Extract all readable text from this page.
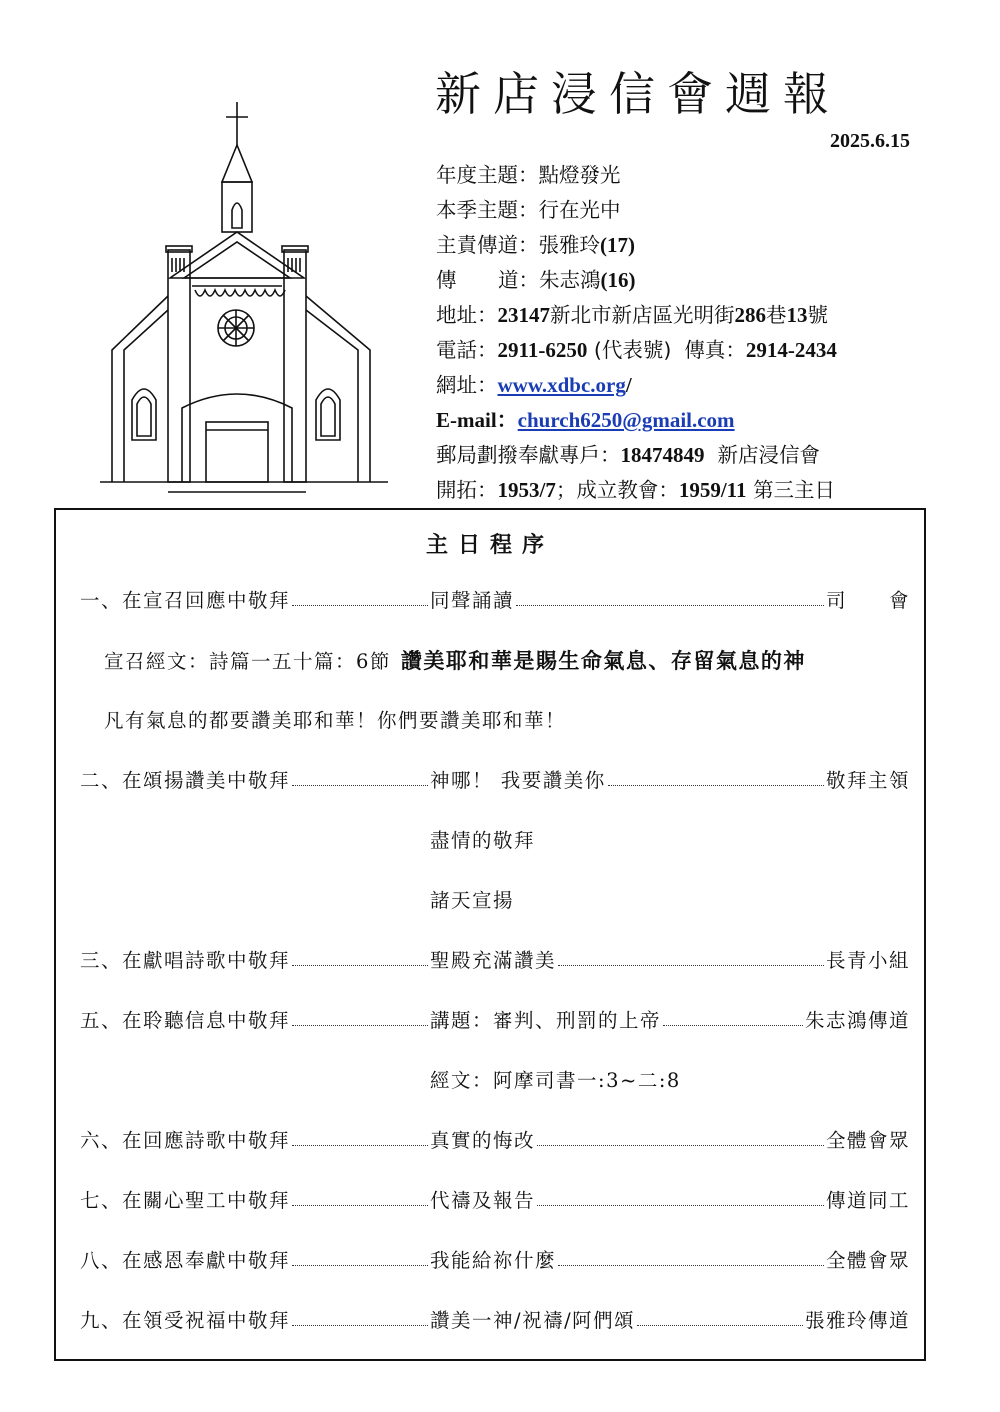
新店浸信會週報
2025.6.15
年度主題：點燈發光
本季主題：行在光中
主責傳道：張雅玲(17)
傳 道：朱志鴻(16)
地址：23147新北市新店區光明街286巷13號
電話：2911-6250 (代表號) 傳真：2914-2434
網址：www.xdbc.org/
E-mail：church6250@gmail.com
郵局劃撥奉獻專戶：18474849 新店浸信會
開拓：1953/7；成立教會：1959/11 第三主日
主日程序
一、在宣召回應中敬拜	同聲誦讀	司　　會
宣召經文：詩篇一五十篇：6節 讚美耶和華是賜生命氣息、存留氣息的神
凡有氣息的都要讚美耶和華！你們要讚美耶和華！
二、在頌揚讚美中敬拜	神哪！ 我要讚美你	敬拜主領
盡情的敬拜
諸天宣揚
三、在獻唱詩歌中敬拜	聖殿充滿讚美	長青小組
五、在聆聽信息中敬拜	講題：審判、刑罰的上帝	朱志鴻傳道
經文：阿摩司書一:3~二:8
六、在回應詩歌中敬拜	真實的悔改	全體會眾
七、在關心聖工中敬拜	代禱及報告	傳道同工
八、在感恩奉獻中敬拜	我能給祢什麼	全體會眾
九、在領受祝福中敬拜	讚美一神/祝禱/阿們頌	張雅玲傳道
